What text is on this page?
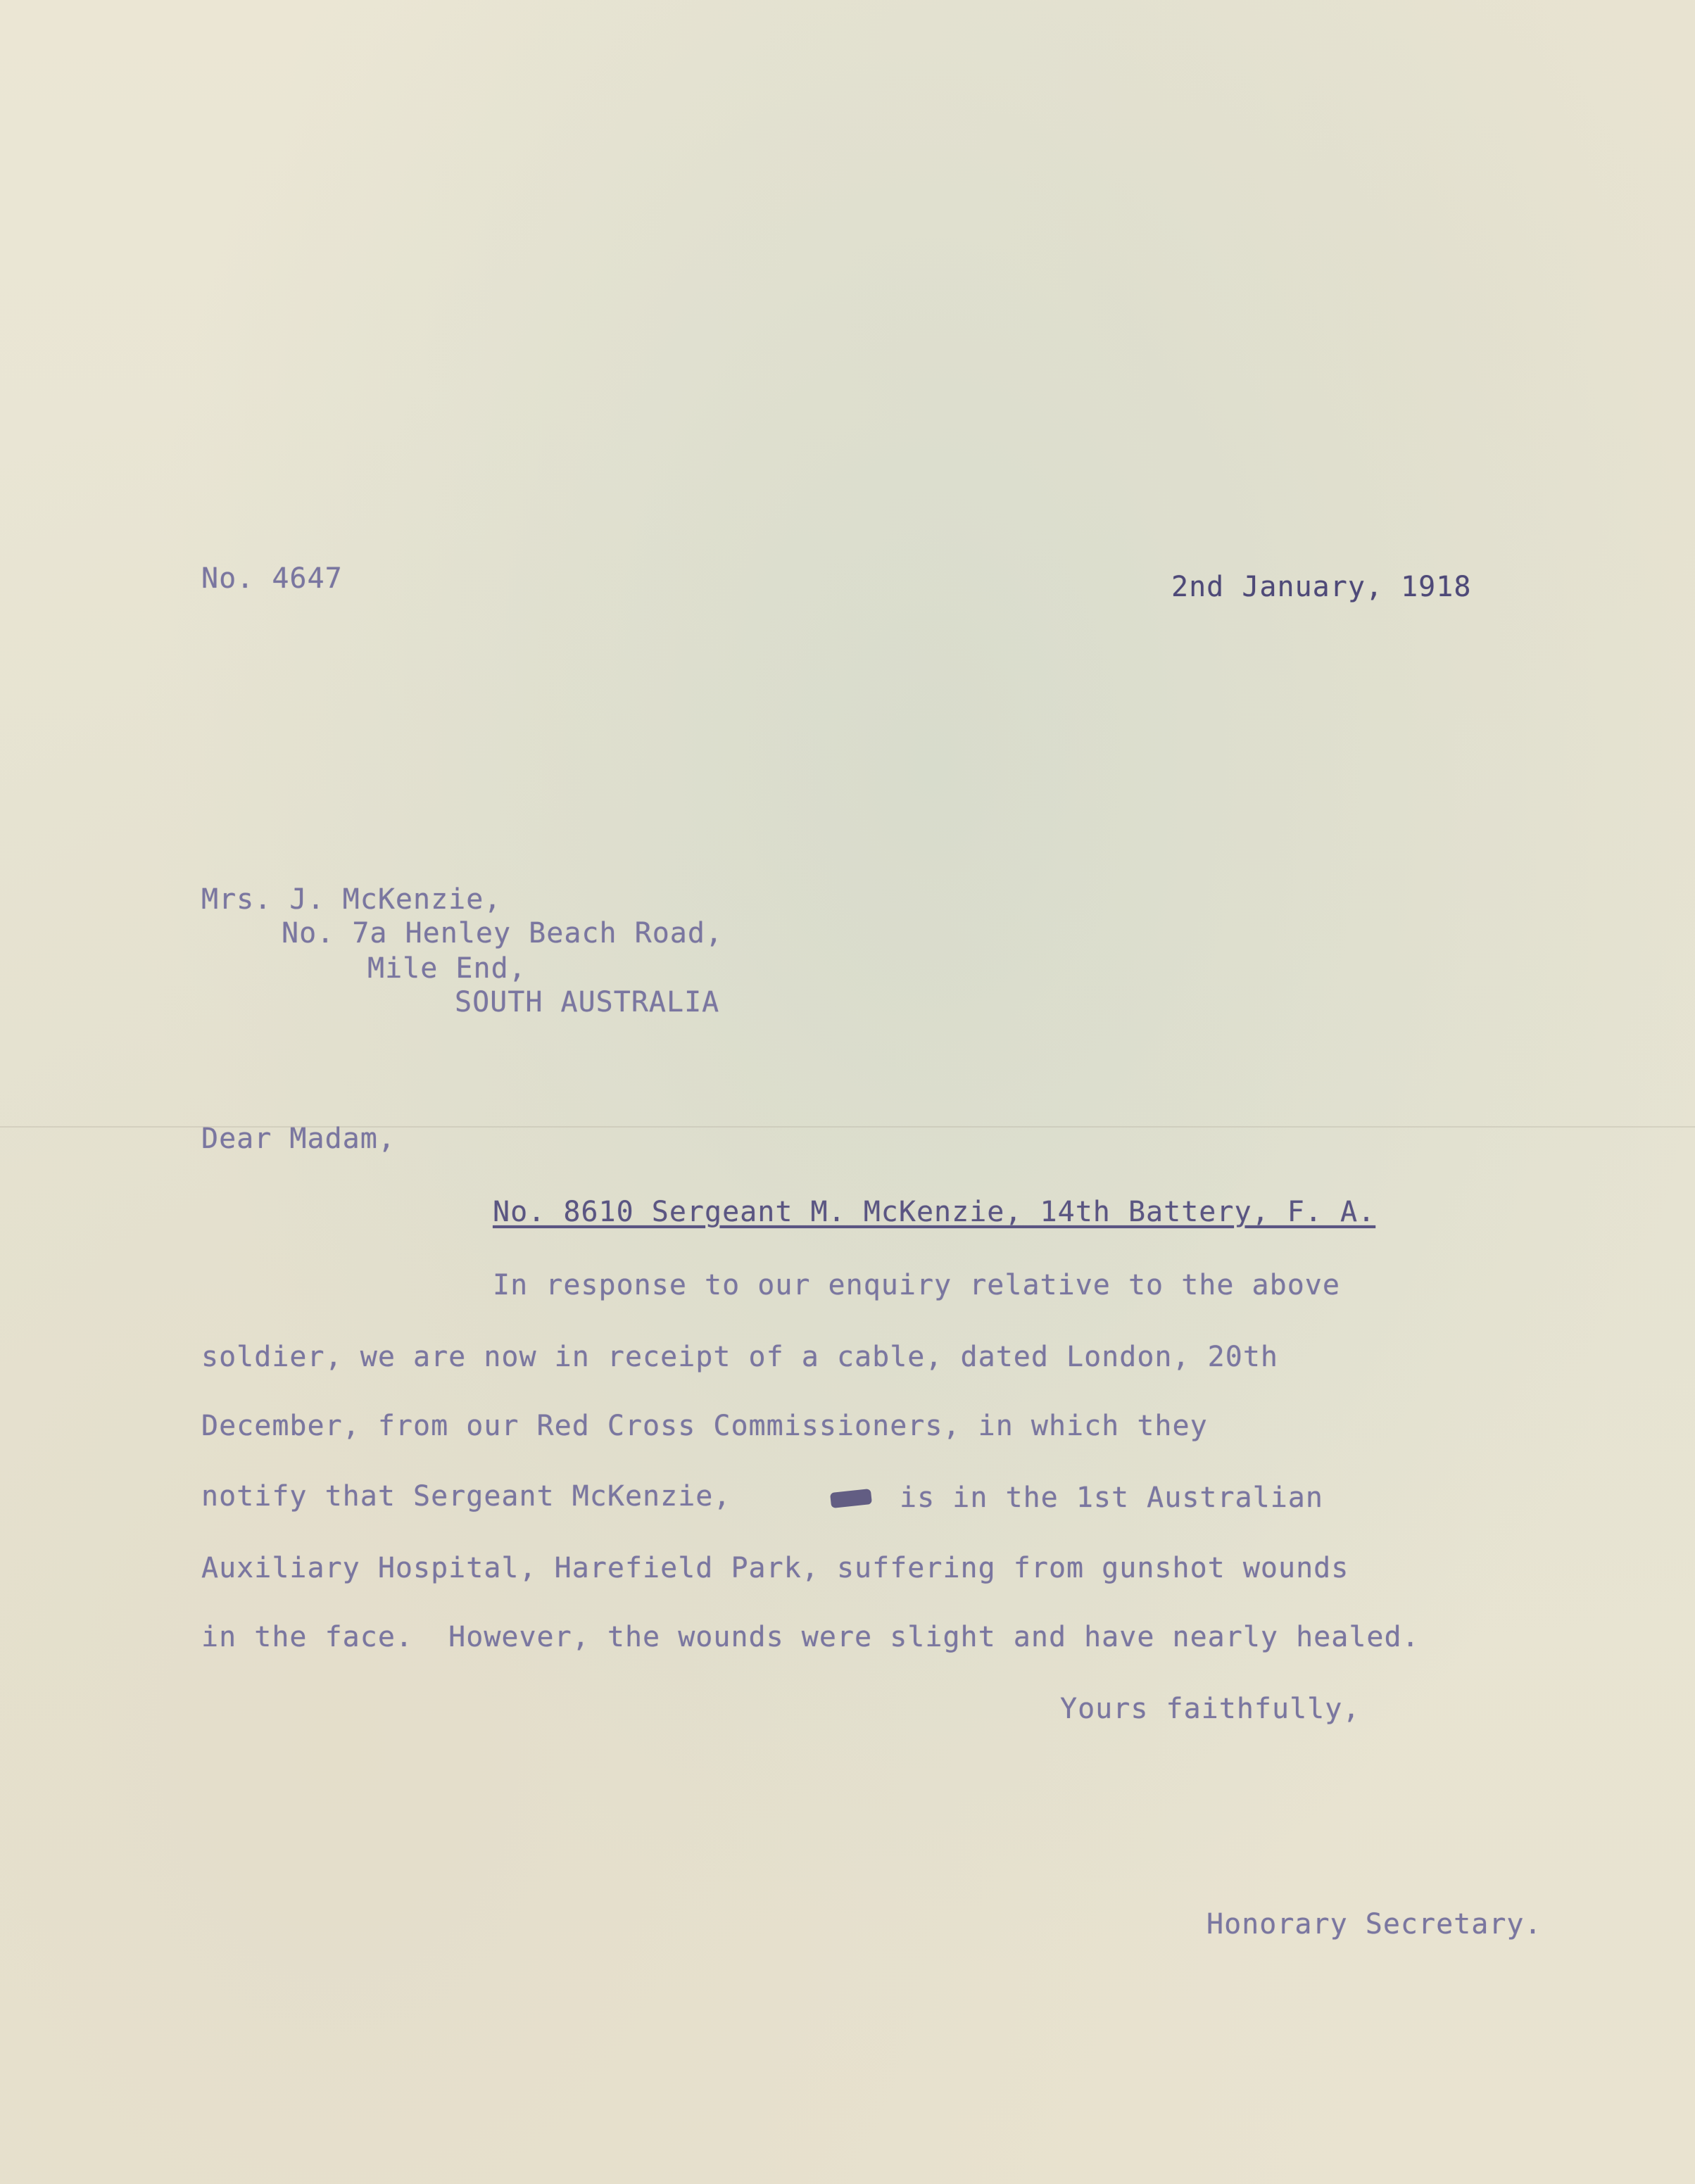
No. 4647	2nd January, 1918
Mrs. J. McKenzie,
No. 7a Henley Beach Road,
Mile End,
SOUTH AUSTRALIA
Dear Madam,
No. 8610 Sergeant M. McKenzie, 14th Battery, F. A.
In response to our enquiry relative to the above
soldier, we are now in receipt of a cable, dated London, 20th
December, from our Red Cross Commissioners, in which they
notify that Sergeant McKenzie,	is in the 1st Australian
Auxiliary Hospital, Harefield Park, suffering from gunshot wounds
in the face.  However, the wounds were slight and have nearly healed.
Yours faithfully,
Honorary Secretary.
